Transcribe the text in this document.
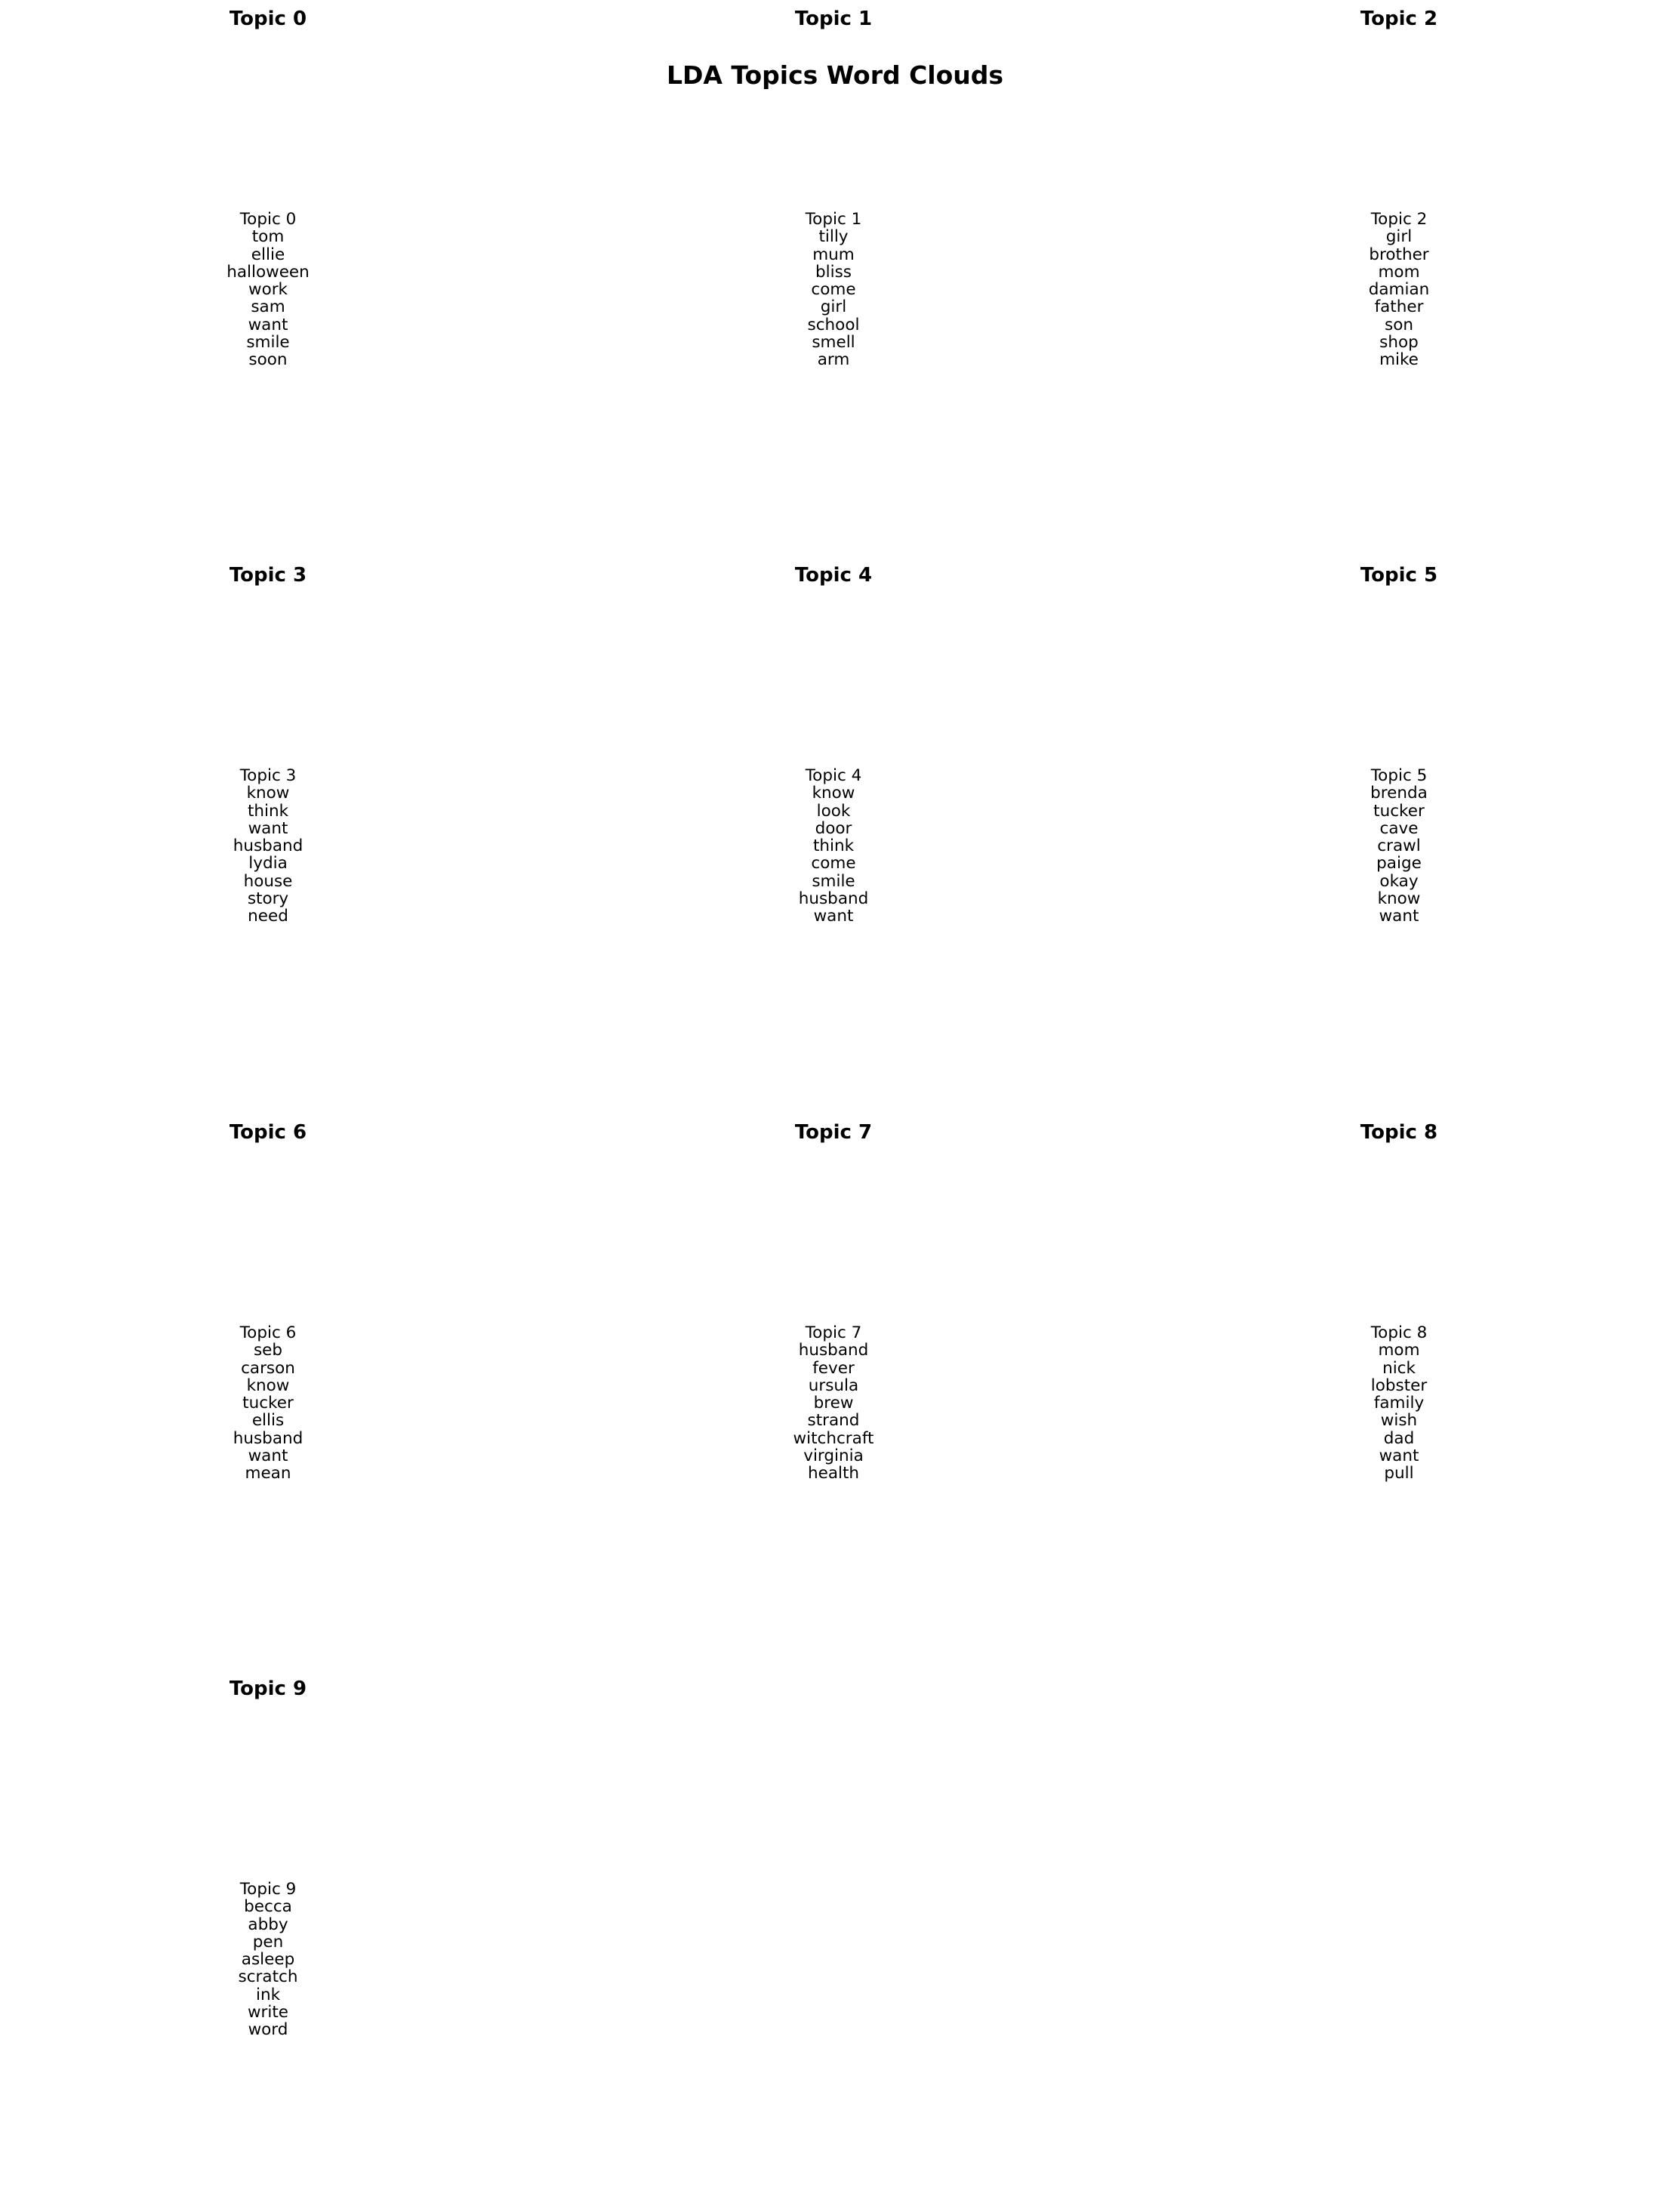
LDA Topics Word Clouds
Topic 0
Topic 0
tom
ellie
halloween
work
sam
want
smile
soon
Topic 1
Topic 1
tilly
mum
bliss
come
girl
school
smell
arm
Topic 2
Topic 2
girl
brother
mom
damian
father
son
shop
mike
Topic 3
Topic 3
know
think
want
husband
lydia
house
story
need
Topic 4
Topic 4
know
look
door
think
come
smile
husband
want
Topic 5
Topic 5
brenda
tucker
cave
crawl
paige
okay
know
want
Topic 6
Topic 6
seb
carson
know
tucker
ellis
husband
want
mean
Topic 7
Topic 7
husband
fever
ursula
brew
strand
witchcraft
virginia
health
Topic 8
Topic 8
mom
nick
lobster
family
wish
dad
want
pull
Topic 9
Topic 9
becca
abby
pen
asleep
scratch
ink
write
word
